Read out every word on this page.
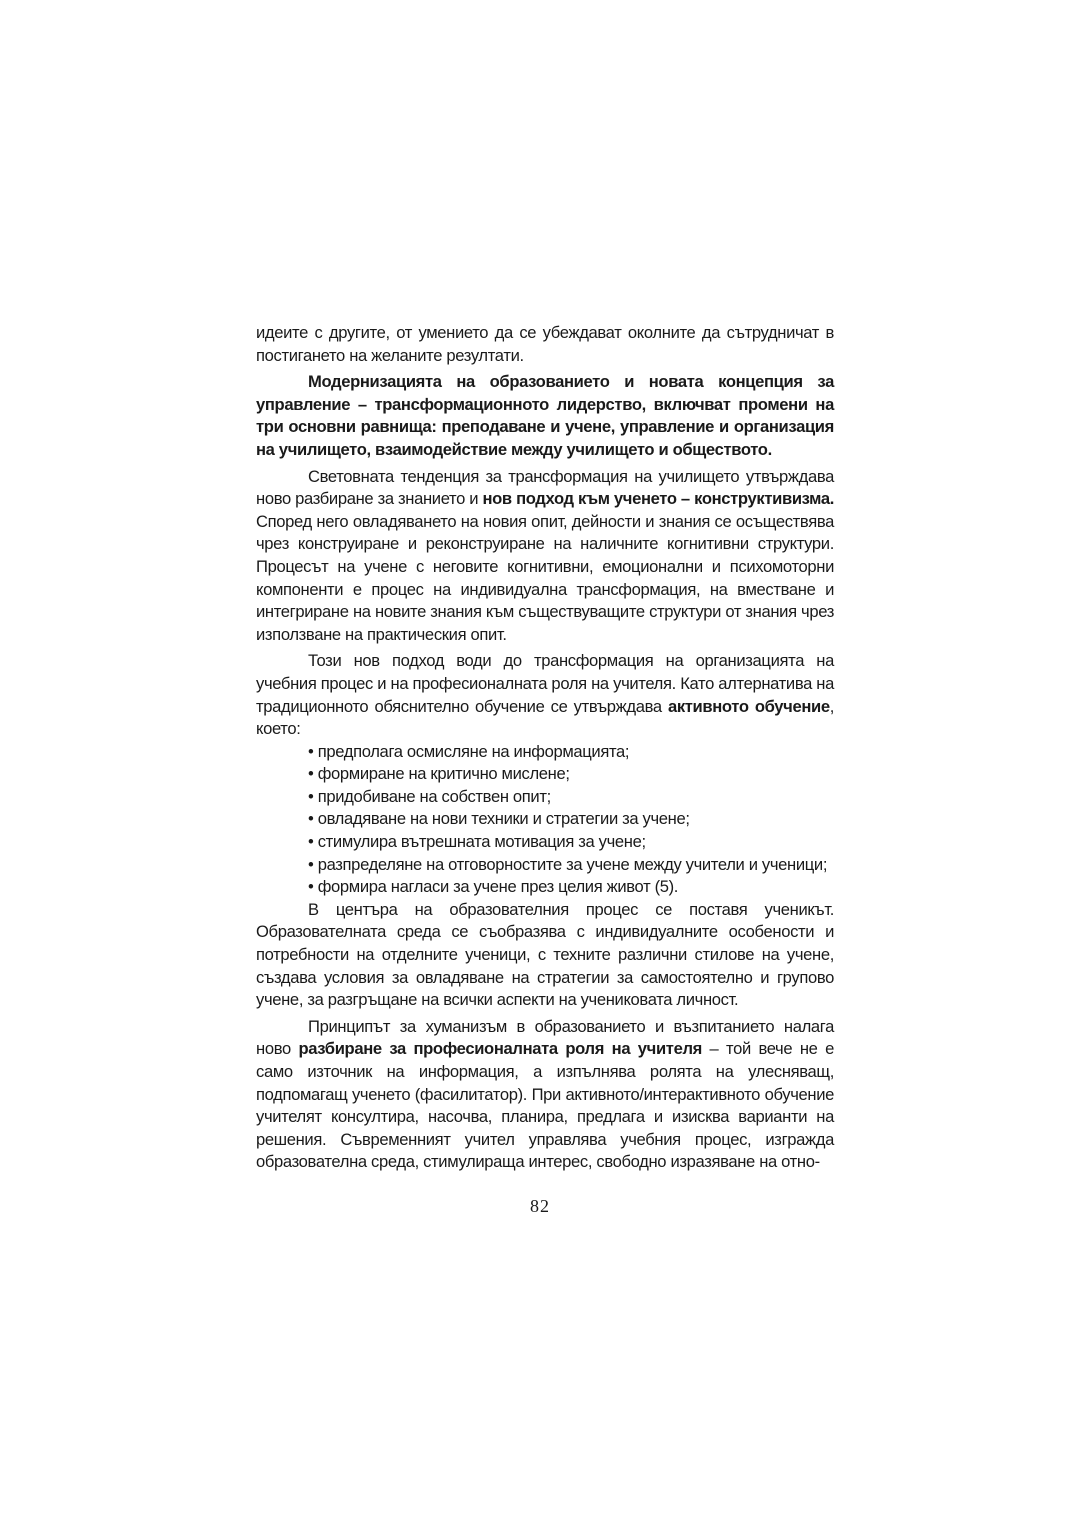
идеите с другите, от умението да се убеждават околните да сътрудничат в постигането на желаните резултати.

Модернизацията на образованието и новата концепция за управление – трансформационното лидерство, включват промени на три основни равнища: преподаване и учене, управление и организация на училището, взаимодействие между училището и обществото.

Световната тенденция за трансформация на училището утвърждава ново разбиране за знанието и нов подход към ученето – конструктивизма. Според него овладяването на новия опит, дейности и знания се осъществява чрез конструиране и реконструиране на наличните когнитивни структури. Процесът на учене с неговите когнитивни, емоционални и психомоторни компоненти е процес на индивидуална трансформация, на вместване и интегриране на новите знания към съществуващите структури от знания чрез използване на практическия опит.

Този нов подход води до трансформация на организацията на учебния процес и на професионалната роля на учителя. Като алтернатива на традиционното обяснително обучение се утвърждава активното обучение, което:

• предполага осмисляне на информацията;

• формиране на критично мислене;

• придобиване на собствен опит;

• овладяване на нови техники и стратегии за учене;

• стимулира вътрешната мотивация за учене;

• разпределяне на отговорностите за учене между учители и ученици;

• формира нагласи за учене през целия живот (5).

В центъра на образователния процес се поставя ученикът. Образователната среда се съобразява с индивидуалните особености и потребности на отделните ученици, с техните различни стилове на учене, създава условия за овладяване на стратегии за самостоятелно и групово учене, за разгръщане на всички аспекти на учениковата личност.

Принципът за хуманизъм в образованието и възпитанието налага ново разбиране за професионалната роля на учителя – той вече не е само източник на информация, а изпълнява ролята на улесняващ, подпомагащ ученето (фасилитатор). При активното/интерактивното обучение учителят консултира, насочва, планира, предлага и изисква варианти на решения. Съвременният учител управлява учебния процес, изгражда образователна среда, стимулираща интерес, свободно изразяване на отно-

82
